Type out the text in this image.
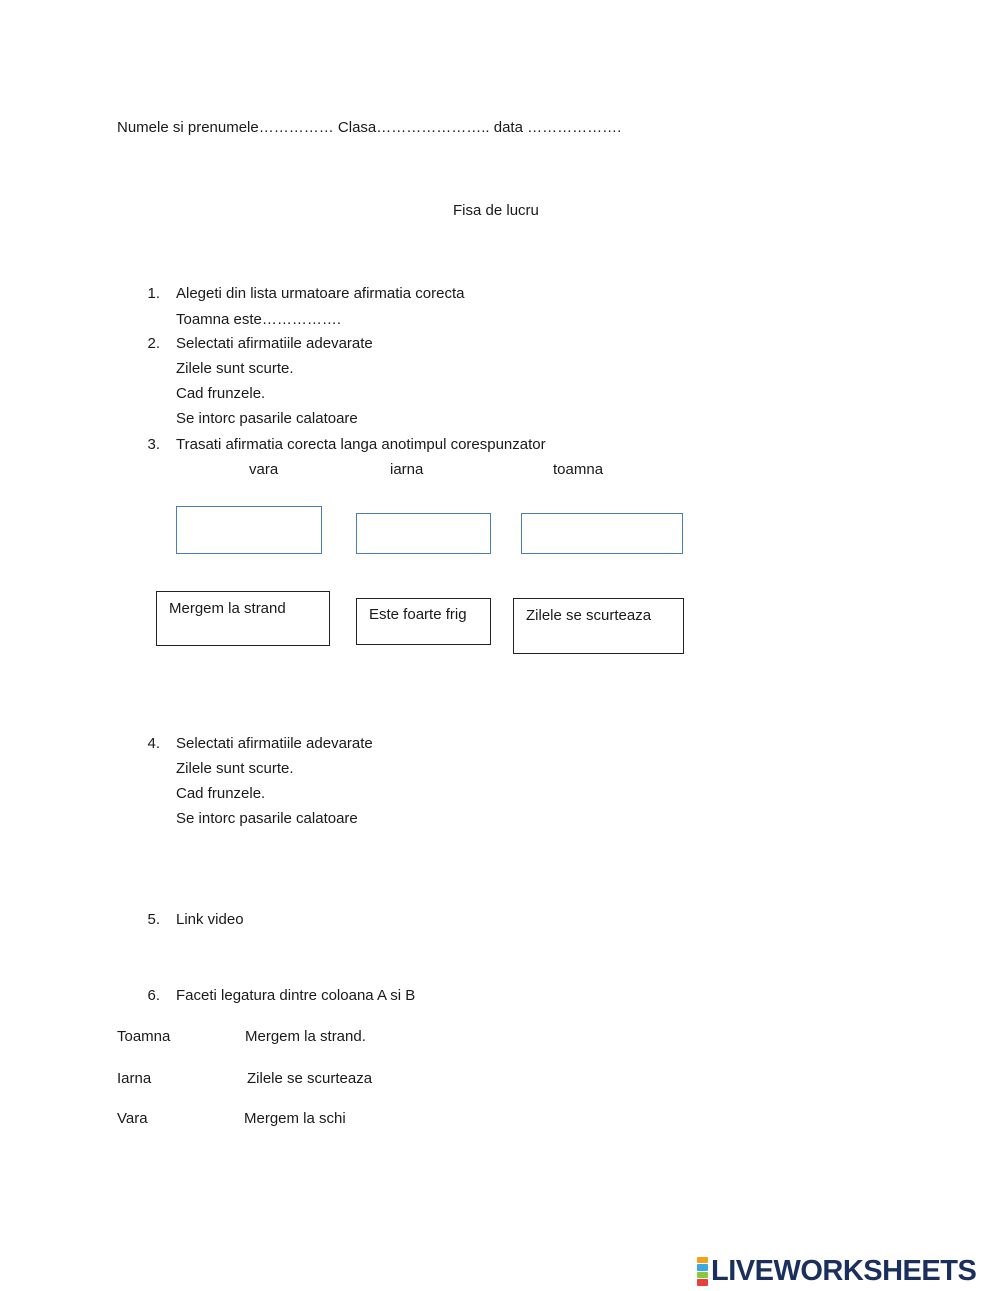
Numele si prenumele…………… Clasa………………….. data ……………….
Fisa de lucru
1. Alegeti din lista urmatoare afirmatia corecta
Toamna este…………….
2. Selectati afirmatiile adevarate
Zilele sunt scurte.
Cad frunzele.
Se intorc pasarile calatoare
3. Trasati afirmatia corecta langa anotimpul corespunzator
vara	iarna	toamna
Mergem la strand	Este foarte frig	Zilele se scurteaza
4. Selectati afirmatiile adevarate
Zilele sunt scurte.
Cad frunzele.
Se intorc pasarile calatoare
5. Link video
6. Faceti legatura dintre coloana A si B
Toamna	Mergem la strand.
Iarna	Zilele se scurteaza
Vara	Mergem la schi
LIVEWORKSHEETS
